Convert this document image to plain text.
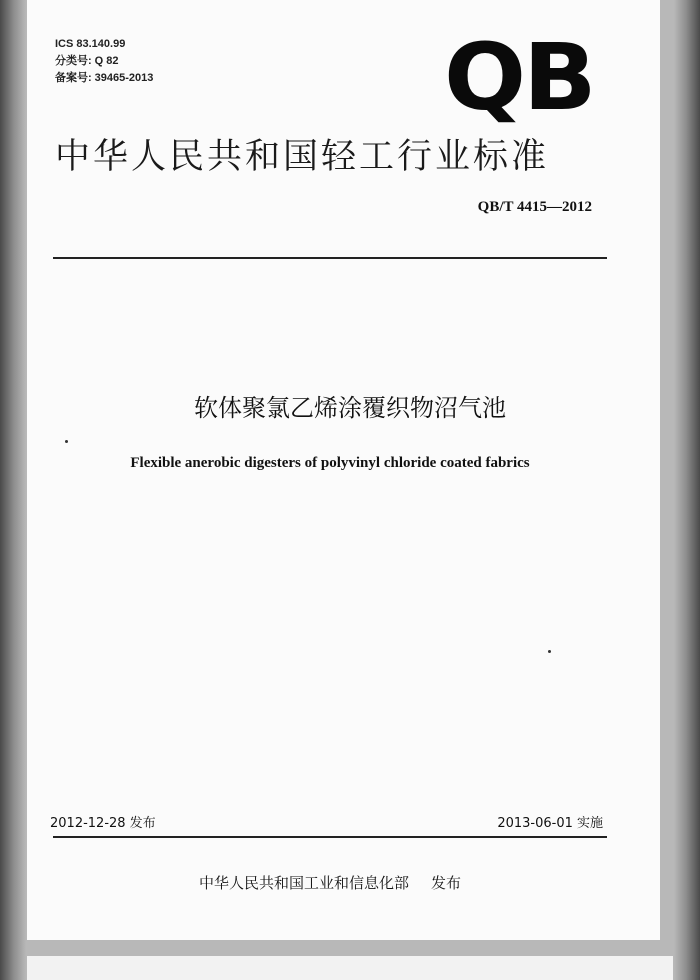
ICS 83.140.99
分类号: Q 82
备案号: 39465-2013	QB
中华人民共和国轻工行业标准
QB/T 4415—2012
软体聚氯乙烯涂覆织物沼气池
Flexible anerobic digesters of polyvinyl chloride coated fabrics
2012-12-28 发布	2013-06-01 实施
中华人民共和国工业和信息化部 发布
